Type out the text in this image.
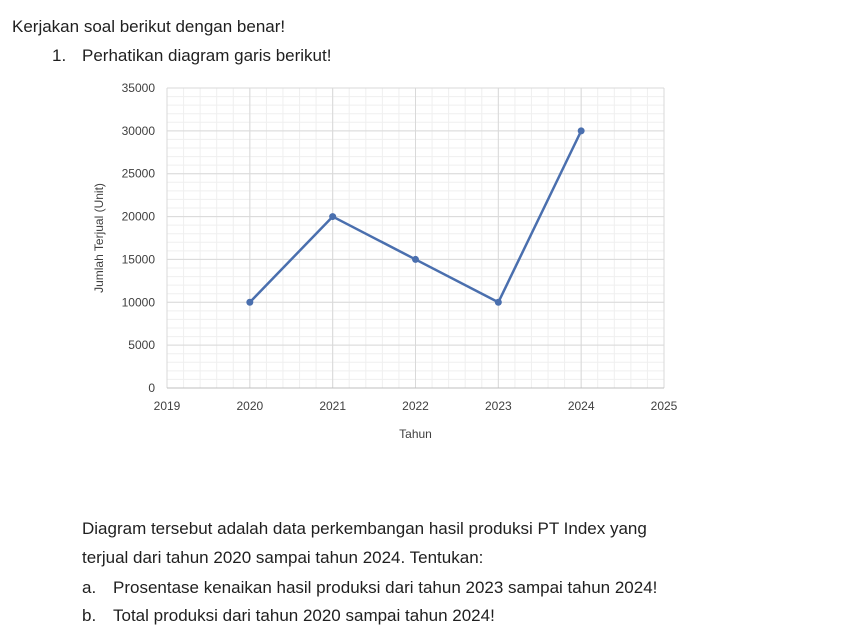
Kerjakan soal berikut dengan benar!
1. Perhatikan diagram garis berikut!
2019	2020	2021	2022	2023	2024	2025
0
5000
10000
15000
20000
25000
30000
35000
Tahun
Jumlah Terjual (Unit)
Diagram tersebut adalah data perkembangan hasil produksi PT Index yang
terjual dari tahun 2020 sampai tahun 2024. Tentukan:
a. Prosentase kenaikan hasil produksi dari tahun 2023 sampai tahun 2024!
b. Total produksi dari tahun 2020 sampai tahun 2024!
